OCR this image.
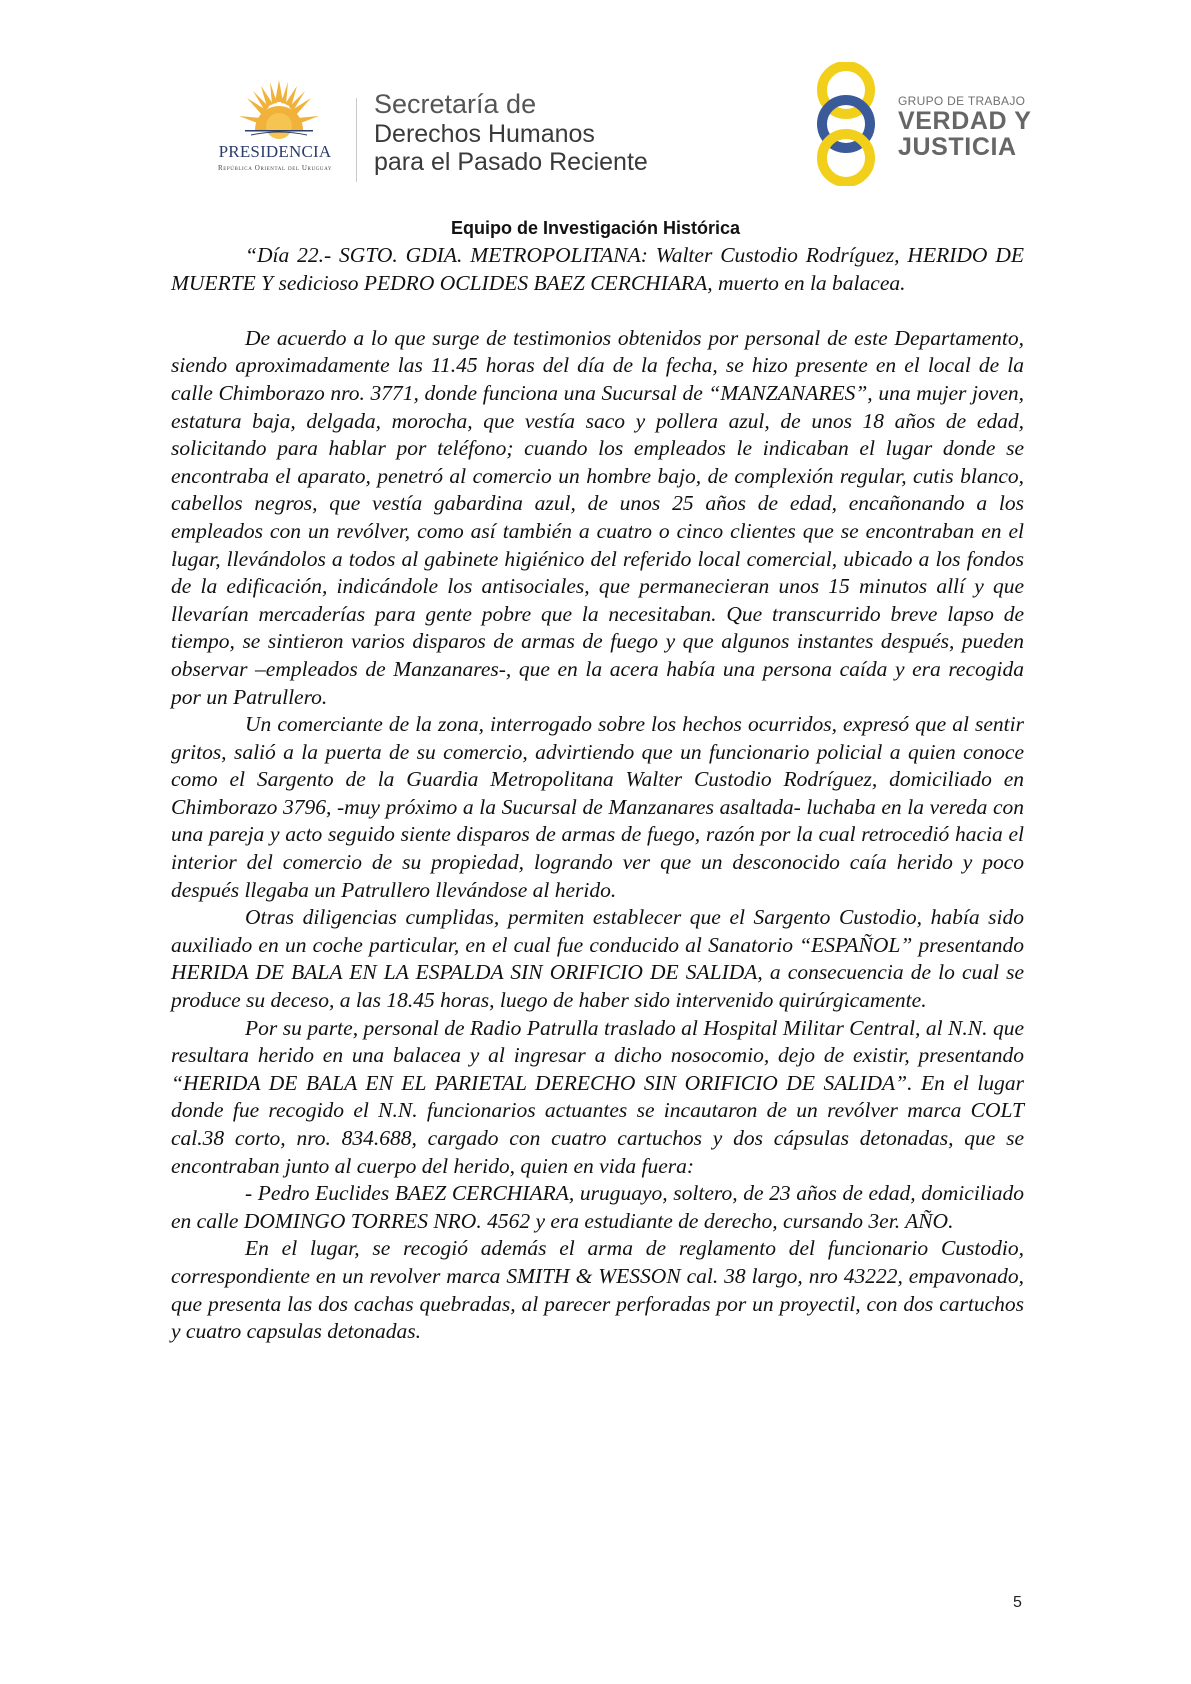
PRESIDENCIA
República Oriental del Uruguay
Secretaría de
Derechos Humanos
para el Pasado Reciente
GRUPO DE TRABAJO
VERDAD Y
JUSTICIA
Equipo de Investigación Histórica

“Día 22.- SGTO. GDIA. METROPOLITANA: Walter Custodio Rodríguez, HERIDO DE MUERTE Y sedicioso PEDRO OCLIDES BAEZ CERCHIARA, muerto en la balacea.

De acuerdo a lo que surge de testimonios obtenidos por personal de este Departamento, siendo aproximadamente las 11.45 horas del día de la fecha, se hizo presente en el local de la calle Chimborazo nro. 3771, donde funciona una Sucursal de “MANZANARES”, una mujer joven, estatura baja, delgada, morocha, que vestía saco y pollera azul, de unos 18 años de edad, solicitando para hablar por teléfono; cuando los empleados le indicaban el lugar donde se encontraba el aparato, penetró al comercio un hombre bajo, de complexión regular, cutis blanco, cabellos negros, que vestía gabardina azul, de unos 25 años de edad, encañonando a los empleados con un revólver, como así también a cuatro o cinco clientes que se encontraban en el lugar, llevándolos a todos al gabinete higiénico del referido local comercial, ubicado a los fondos de la edificación, indicándole los antisociales, que permanecieran unos 15 minutos allí y que llevarían mercaderías para gente pobre que la necesitaban. Que transcurrido breve lapso de tiempo, se sintieron varios disparos de armas de fuego y que algunos instantes después, pueden observar –empleados de Manzanares-, que en la acera había una persona caída y era recogida por un Patrullero.

Un comerciante de la zona, interrogado sobre los hechos ocurridos, expresó que al sentir gritos, salió a la puerta de su comercio, advirtiendo que un funcionario policial a quien conoce como el Sargento de la Guardia Metropolitana Walter Custodio Rodríguez, domiciliado en Chimborazo 3796, -muy próximo a la Sucursal de Manzanares asaltada- luchaba en la vereda con una pareja y acto seguido siente disparos de armas de fuego, razón por la cual retrocedió hacia el interior del comercio de su propiedad, logrando ver que un desconocido caía herido y poco después llegaba un Patrullero llevándose al herido.

Otras diligencias cumplidas, permiten establecer que el Sargento Custodio, había sido auxiliado en un coche particular, en el cual fue conducido al Sanatorio “ESPAÑOL” presentando HERIDA DE BALA EN LA ESPALDA SIN ORIFICIO DE SALIDA, a consecuencia de lo cual se produce su deceso, a las 18.45 horas, luego de haber sido intervenido quirúrgicamente.

Por su parte, personal de Radio Patrulla traslado al Hospital Militar Central, al N.N. que resultara herido en una balacea y al ingresar a dicho nosocomio, dejo de existir, presentando “HERIDA DE BALA EN EL PARIETAL DERECHO SIN ORIFICIO DE SALIDA”. En el lugar donde fue recogido el N.N. funcionarios actuantes se incautaron de un revólver marca COLT cal.38 corto, nro. 834.688, cargado con cuatro cartuchos y dos cápsulas detonadas, que se encontraban junto al cuerpo del herido, quien en vida fuera:

- Pedro Euclides BAEZ CERCHIARA, uruguayo, soltero, de 23 años de edad, domiciliado en calle DOMINGO TORRES NRO. 4562 y era estudiante de derecho, cursando 3er. AÑO.

En el lugar, se recogió además el arma de reglamento del funcionario Custodio, correspondiente en un revolver marca SMITH & WESSON cal. 38 largo, nro 43222, empavonado, que presenta las dos cachas quebradas, al parecer perforadas por un proyectil, con dos cartuchos y cuatro capsulas detonadas.

5
